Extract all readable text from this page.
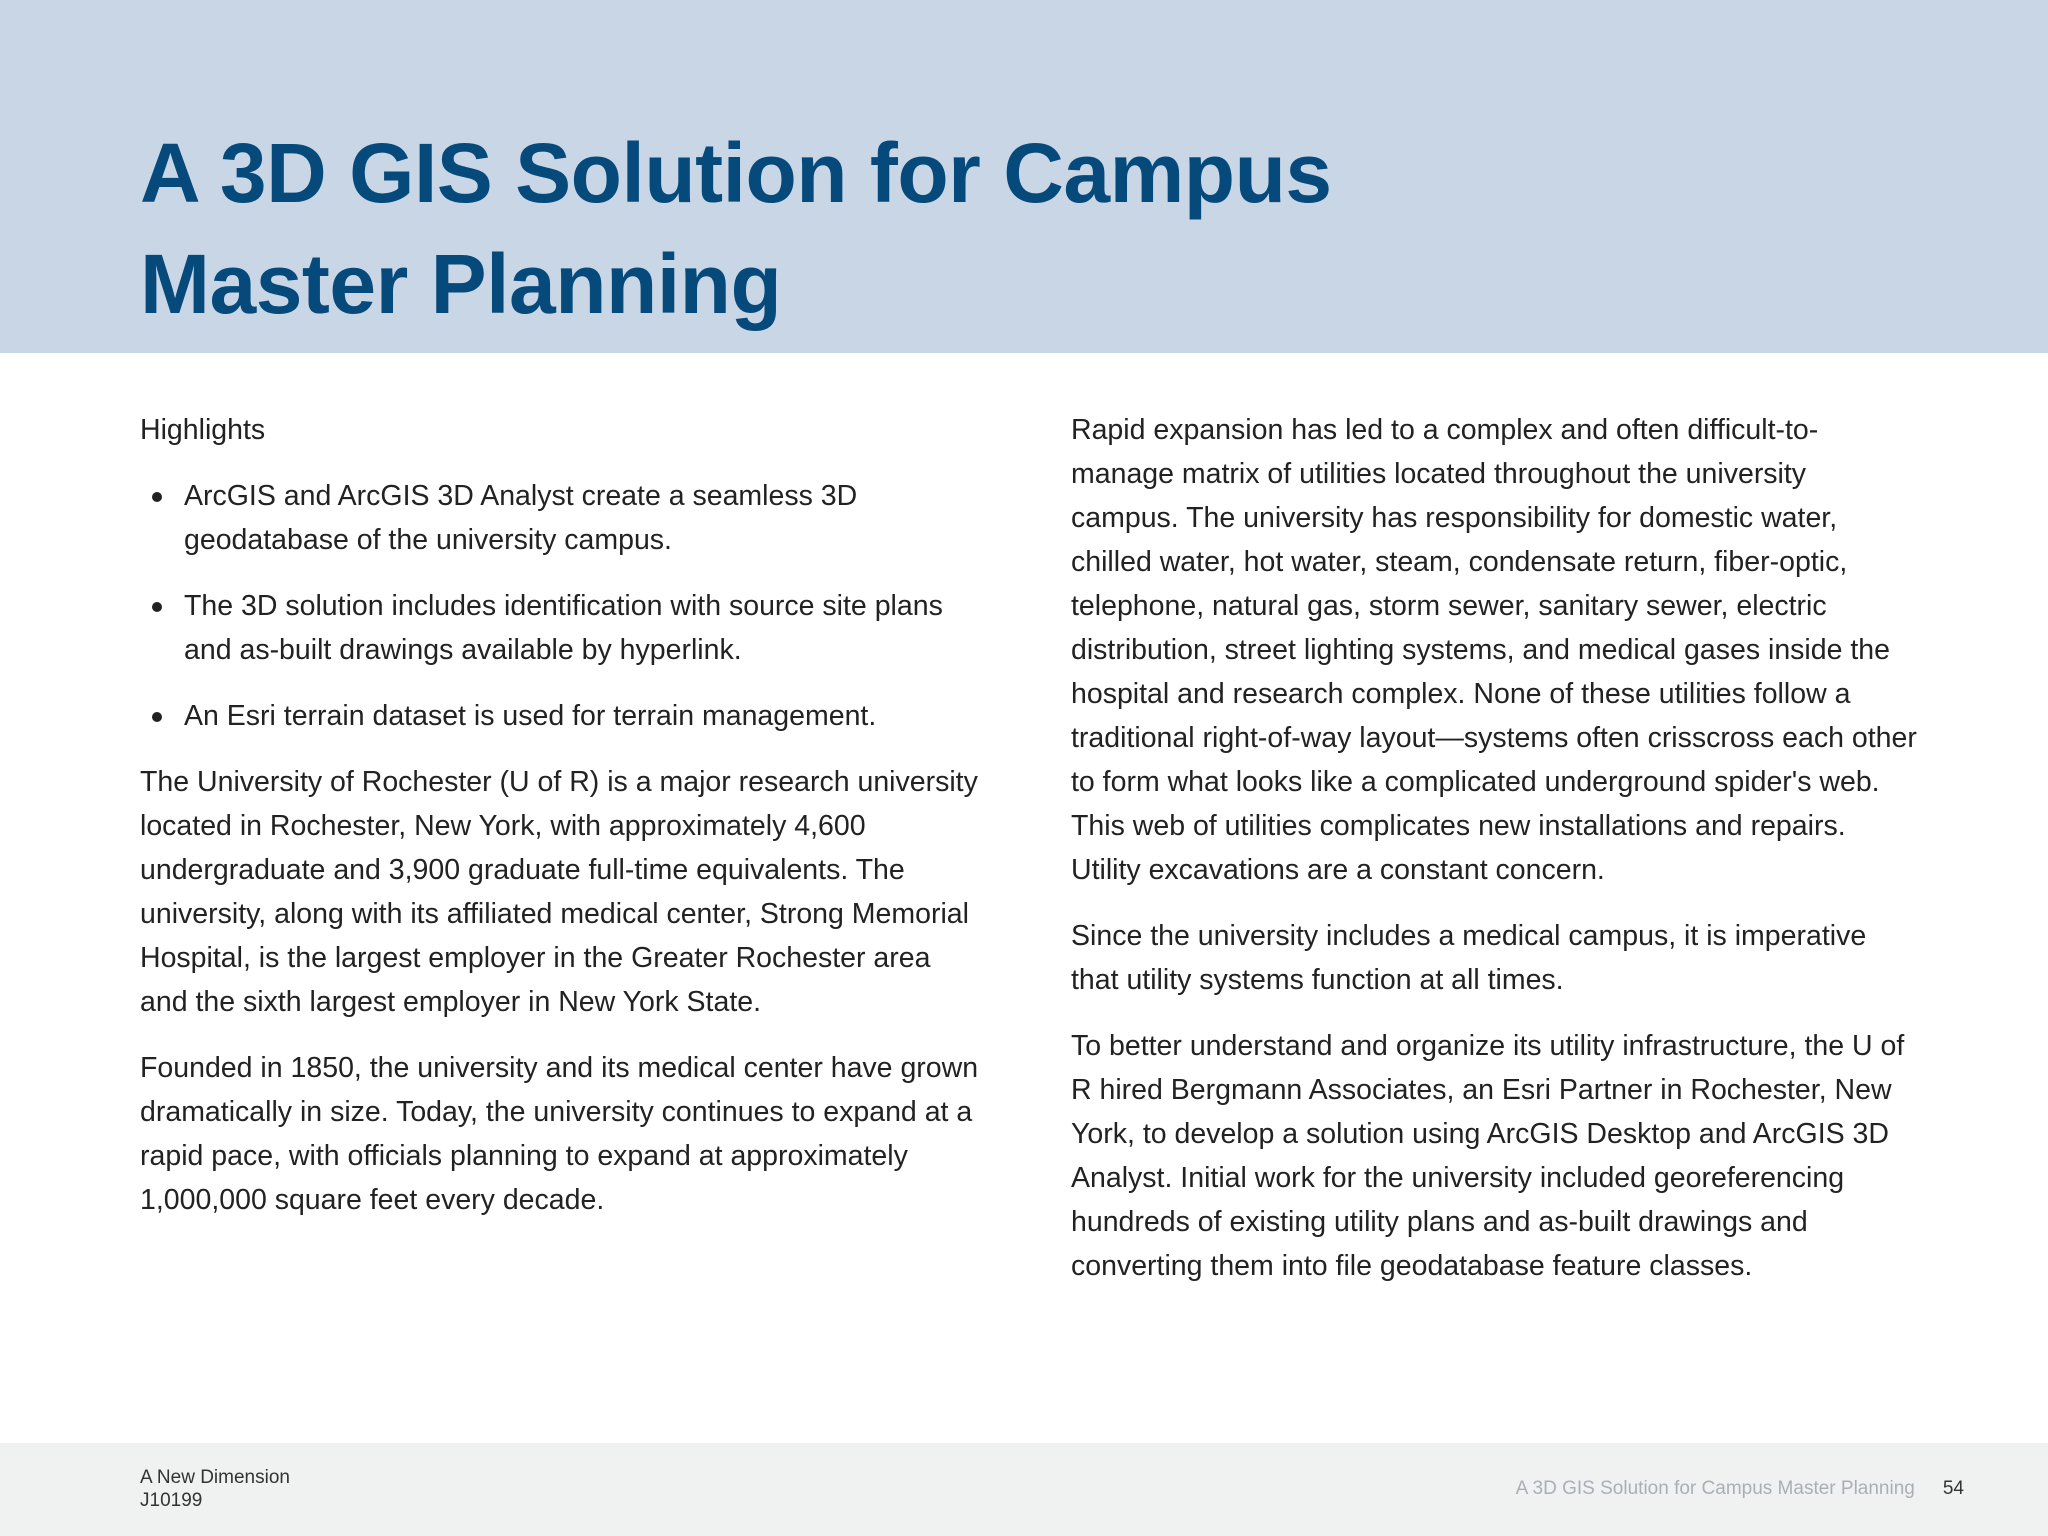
A 3D GIS Solution for Campus
Master Planning

Highlights

ArcGIS and ArcGIS 3D Analyst create a seamless 3D geodatabase of the university campus.
The 3D solution includes identification with source site plans and as-built drawings available by hyperlink.
An Esri terrain dataset is used for terrain management.

The University of Rochester (U of R) is a major research university located in Rochester, New York, with approximately 4,600 undergraduate and 3,900 graduate full-time equivalents. The university, along with its affiliated medical center, Strong Memorial Hospital, is the largest employer in the Greater Rochester area and the sixth largest employer in New York State.

Founded in 1850, the university and its medical center have grown dramatically in size. Today, the university continues to expand at a rapid pace, with officials planning to expand at approximately 1,000,000 square feet every decade.

Rapid expansion has led to a complex and often difficult-to-manage matrix of utilities located throughout the university campus. The university has responsibility for domestic water, chilled water, hot water, steam, condensate return, fiber-optic, telephone, natural gas, storm sewer, sanitary sewer, electric distribution, street lighting systems, and medical gases inside the hospital and research complex. None of these utilities follow a traditional right-of-way layout—systems often crisscross each other to form what looks like a complicated underground spider's web. This web of utilities complicates new installations and repairs. Utility excavations are a constant concern.

Since the university includes a medical campus, it is imperative that utility systems function at all times.

To better understand and organize its utility infrastructure, the U of R hired Bergmann Associates, an Esri Partner in Rochester, New York, to develop a solution using ArcGIS Desktop and ArcGIS 3D Analyst. Initial work for the university included georeferencing hundreds of existing utility plans and as-built drawings and converting them into file geodatabase feature classes.

A New Dimension
J10199
A 3D GIS Solution for Campus Master Planning 54
